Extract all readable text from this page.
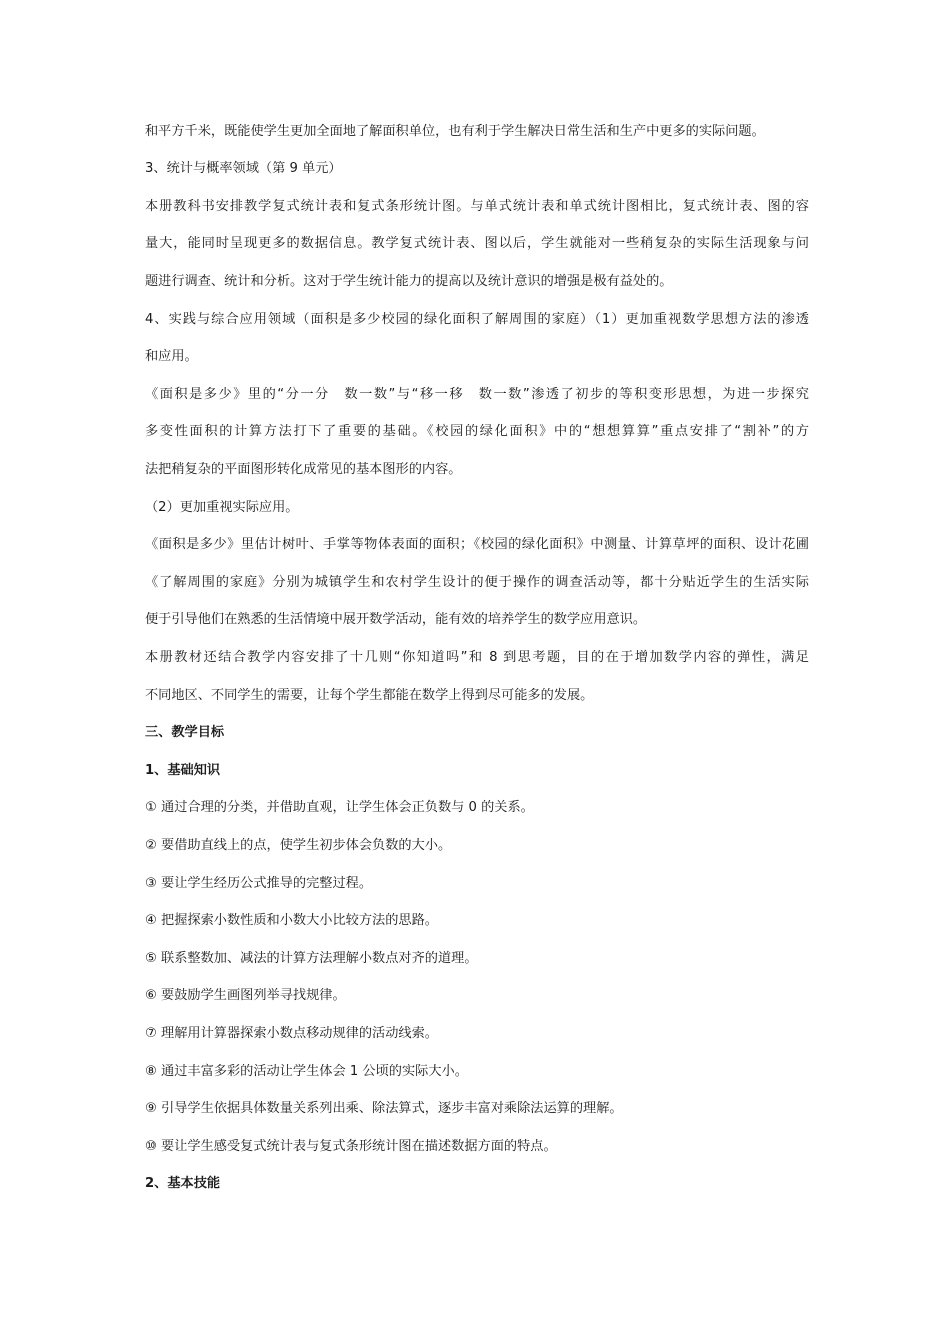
和平方千米，既能使学生更加全面地了解面积单位，也有利于学生解决日常生活和生产中更多的实际问题。
3、统计与概率领域（第 9 单元）
本册教科书安排教学复式统计表和复式条形统计图。与单式统计表和单式统计图相比，复式统计表、图的容
量大，能同时呈现更多的数据信息。教学复式统计表、图以后，学生就能对一些稍复杂的实际生活现象与问
题进行调查、统计和分析。这对于学生统计能力的提高以及统计意识的增强是极有益处的。
4、实践与综合应用领域（面积是多少校园的绿化面积了解周围的家庭）（1）更加重视数学思想方法的渗透
和应用。
《面积是多少》里的“分一分　数一数”与“移一移　数一数”渗透了初步的等积变形思想，为进一步探究
多变性面积的计算方法打下了重要的基础。《校园的绿化面积》中的“想想算算”重点安排了“割补”的方
法把稍复杂的平面图形转化成常见的基本图形的内容。
（2）更加重视实际应用。
《面积是多少》里估计树叶、手掌等物体表面的面积；《校园的绿化面积》中测量、计算草坪的面积、设计花圃
《了解周围的家庭》分别为城镇学生和农村学生设计的便于操作的调查活动等，都十分贴近学生的生活实际
便于引导他们在熟悉的生活情境中展开数学活动，能有效的培养学生的数学应用意识。
本册教材还结合教学内容安排了十几则“你知道吗”和 8 到思考题，目的在于增加数学内容的弹性，满足
不同地区、不同学生的需要，让每个学生都能在数学上得到尽可能多的发展。
三、教学目标
1、基础知识
① 通过合理的分类，并借助直观，让学生体会正负数与 0 的关系。
② 要借助直线上的点，使学生初步体会负数的大小。
③ 要让学生经历公式推导的完整过程。
④ 把握探索小数性质和小数大小比较方法的思路。
⑤ 联系整数加、减法的计算方法理解小数点对齐的道理。
⑥ 要鼓励学生画图列举寻找规律。
⑦ 理解用计算器探索小数点移动规律的活动线索。
⑧ 通过丰富多彩的活动让学生体会 1 公顷的实际大小。
⑨ 引导学生依据具体数量关系列出乘、除法算式，逐步丰富对乘除法运算的理解。
⑩ 要让学生感受复式统计表与复式条形统计图在描述数据方面的特点。
2、基本技能
